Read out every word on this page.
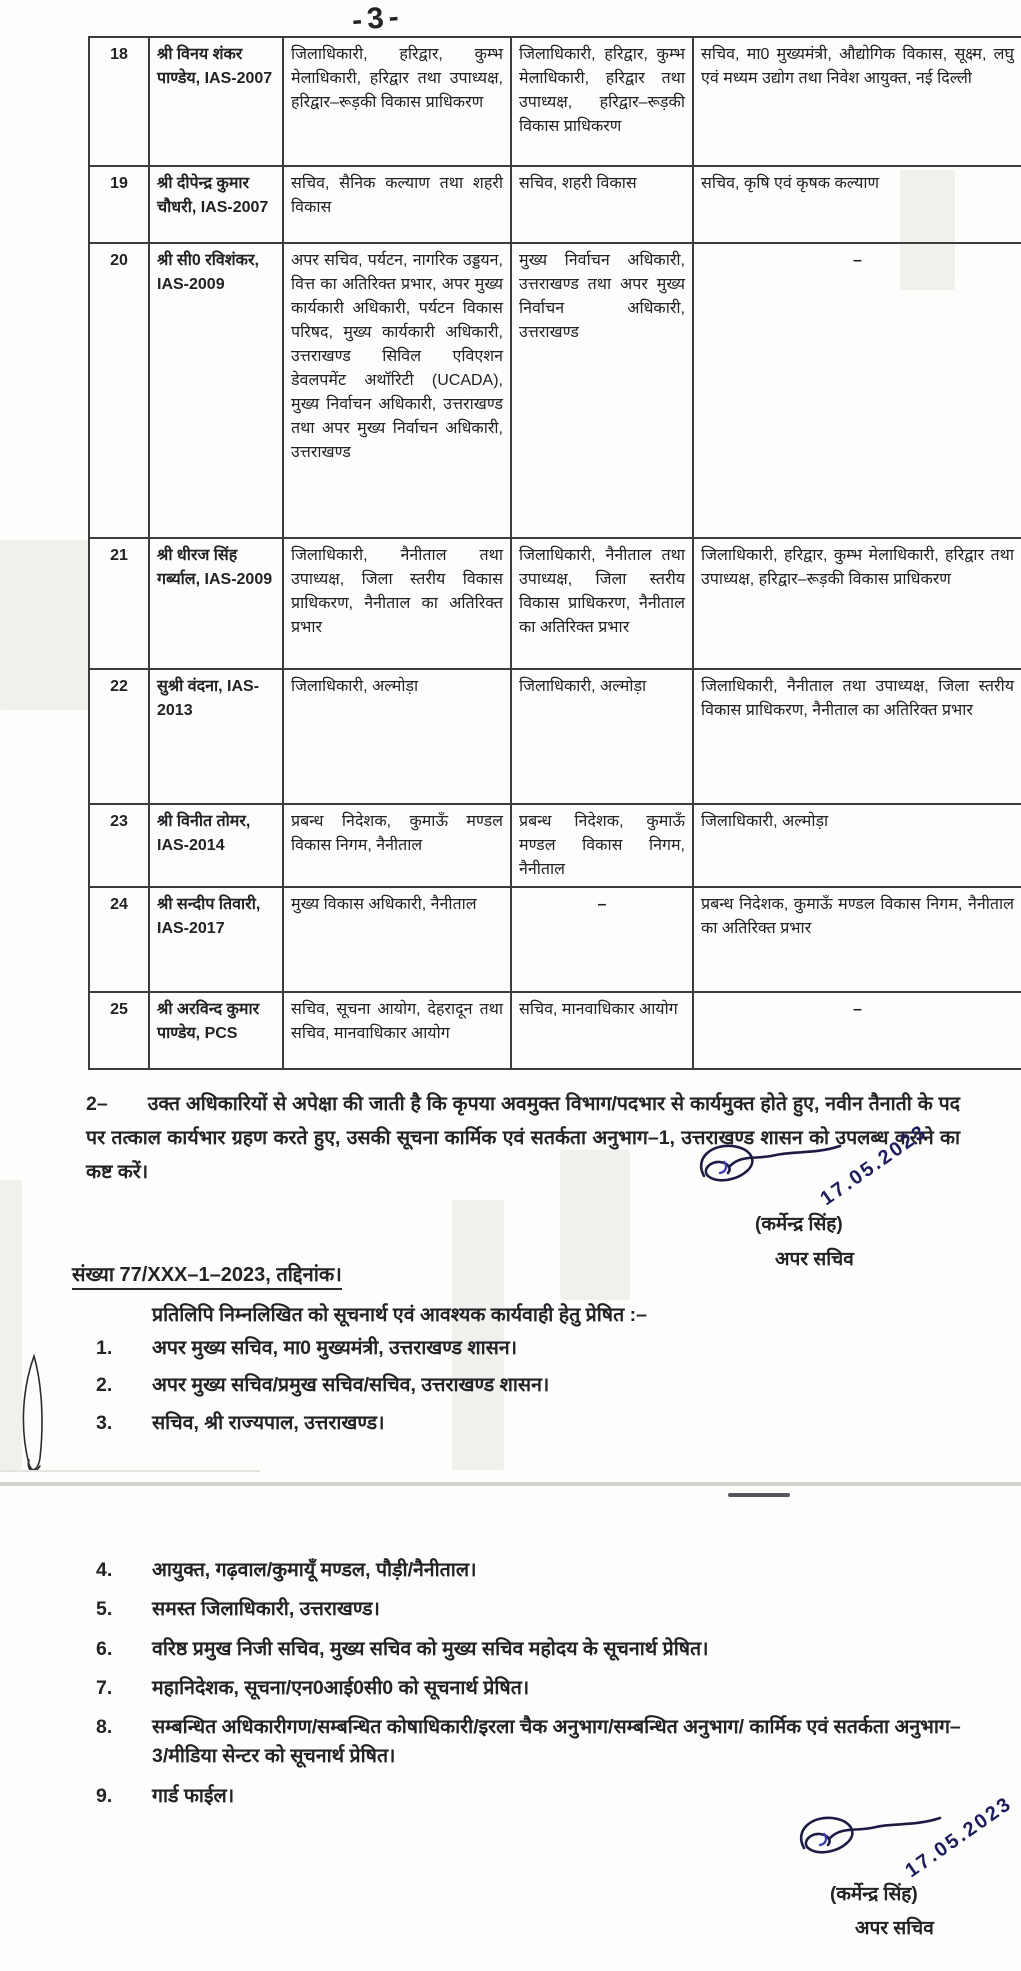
-3-
18	श्री विनय शंकर पाण्डेय, IAS-2007	जिलाधिकारी, हरिद्वार, कुम्भ मेलाधिकारी, हरिद्वार तथा उपाध्यक्ष, हरिद्वार–रूड़की विकास प्राधिकरण	जिलाधिकारी, हरिद्वार, कुम्भ मेलाधिकारी, हरिद्वार तथा उपाध्यक्ष, हरिद्वार–रूड़की विकास प्राधिकरण	सचिव, मा0 मुख्यमंत्री, औद्योगिक विकास, सूक्ष्म, लघु एवं मध्यम उद्योग तथा निवेश आयुक्त, नई दिल्ली
19	श्री दीपेन्द्र कुमार चौधरी, IAS-2007	सचिव, सैनिक कल्याण तथा शहरी विकास	सचिव, शहरी विकास	सचिव, कृषि एवं कृषक कल्याण
20	श्री सी0 रविशंकर, IAS-2009	अपर सचिव, पर्यटन, नागरिक उड्डयन, वित्त का अतिरिक्त प्रभार, अपर मुख्य कार्यकारी अधिकारी, पर्यटन विकास परिषद, मुख्य कार्यकारी अधिकारी, उत्तराखण्ड सिविल एविएशन डेवलपमेंट अथॉरिटी (UCADA), मुख्य निर्वाचन अधिकारी, उत्तराखण्ड तथा अपर मुख्य निर्वाचन अधिकारी, उत्तराखण्ड	मुख्य निर्वाचन अधिकारी, उत्तराखण्ड तथा अपर मुख्य निर्वाचन अधिकारी, उत्तराखण्ड	–
21	श्री धीरज सिंह गर्ब्याल, IAS-2009	जिलाधिकारी, नैनीताल तथा उपाध्यक्ष, जिला स्तरीय विकास प्राधिकरण, नैनीताल का अतिरिक्त प्रभार	जिलाधिकारी, नैनीताल तथा उपाध्यक्ष, जिला स्तरीय विकास प्राधिकरण, नैनीताल का अतिरिक्त प्रभार	जिलाधिकारी, हरिद्वार, कुम्भ मेलाधिकारी, हरिद्वार तथा उपाध्यक्ष, हरिद्वार–रूड़की विकास प्राधिकरण
22	सुश्री वंदना, IAS-2013	जिलाधिकारी, अल्मोड़ा	जिलाधिकारी, अल्मोड़ा	जिलाधिकारी, नैनीताल तथा उपाध्यक्ष, जिला स्तरीय विकास प्राधिकरण, नैनीताल का अतिरिक्त प्रभार
23	श्री विनीत तोमर, IAS-2014	प्रबन्ध निदेशक, कुमाऊँ मण्डल विकास निगम, नैनीताल	प्रबन्ध निदेशक, कुमाऊँ मण्डल विकास निगम, नैनीताल	जिलाधिकारी, अल्मोड़ा
24	श्री सन्दीप तिवारी, IAS-2017	मुख्य विकास अधिकारी, नैनीताल	–	प्रबन्ध निदेशक, कुमाऊँ मण्डल विकास निगम, नैनीताल का अतिरिक्त प्रभार
25	श्री अरविन्द कुमार पाण्डेय, PCS	सचिव, सूचना आयोग, देहरादून तथा सचिव, मानवाधिकार आयोग	सचिव, मानवाधिकार आयोग	–
2– उक्त अधिकारियों से अपेक्षा की जाती है कि कृपया अवमुक्त विभाग/पदभार से कार्यमुक्त होते हुए, नवीन तैनाती के पद पर तत्काल कार्यभार ग्रहण करते हुए, उसकी सूचना कार्मिक एवं सतर्कता अनुभाग–1, उत्तराखण्ड शासन को उपलब्ध कराने का कष्ट करें।	17.05.2023
(कर्मेन्द्र सिंह)
अपर सचिव
संख्या 77/XXX–1–2023, तद्दिनांक।
प्रतिलिपि निम्नलिखित को सूचनार्थ एवं आवश्यक कार्यवाही हेतु प्रेषित :–
1.	अपर मुख्य सचिव, मा0 मुख्यमंत्री, उत्तराखण्ड शासन।
2.	अपर मुख्य सचिव/प्रमुख सचिव/सचिव, उत्तराखण्ड शासन।
3.	सचिव, श्री राज्यपाल, उत्तराखण्ड।
4.	आयुक्त, गढ़वाल/कुमायूँ मण्डल, पौड़ी/नैनीताल।
5.	समस्त जिलाधिकारी, उत्तराखण्ड।
6.	वरिष्ठ प्रमुख निजी सचिव, मुख्य सचिव को मुख्य सचिव महोदय के सूचनार्थ प्रेषित।
7.	महानिदेशक, सूचना/एन0आई0सी0 को सूचनार्थ प्रेषित।
8.	सम्बन्धित अधिकारीगण/सम्बन्धित कोषाधिकारी/इरला चैक अनुभाग/सम्बन्धित अनुभाग/ कार्मिक एवं सतर्कता अनुभाग–3/मीडिया सेन्टर को सूचनार्थ प्रेषित।
9.	गार्ड फाईल।	17.05.2023
(कर्मेन्द्र सिंह)
अपर सचिव
